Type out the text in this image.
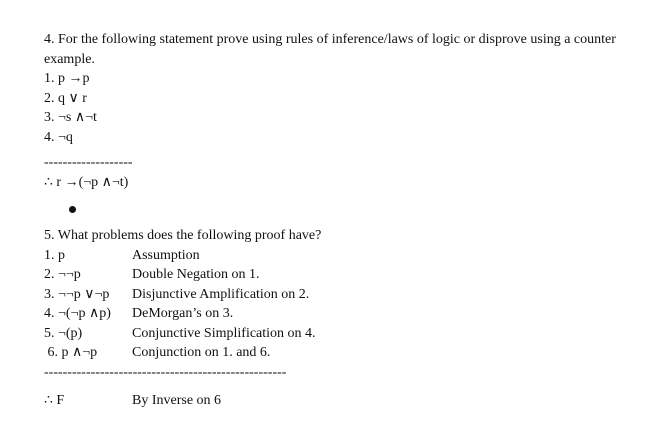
4. For the following statement prove using rules of inference/laws of logic or disprove using a counter example.
1. p →p
2. q ∨ r
3. ¬s ∧¬t
4. ¬q
-------------------
∴ r →(¬p ∧¬t)
5. What problems does the following proof have?
1. p	Assumption
2. ¬¬p	Double Negation on 1.
3. ¬¬p ∨¬p	Disjunctive Amplification on 2.
4. ¬(¬p ∧p)	DeMorgan’s on 3.
5. ¬(p)	Conjunctive Simplification on 4.
6. p ∧¬p	Conjunction on 1. and 6.
----------------------------------------------------
∴ F	By Inverse on 6
